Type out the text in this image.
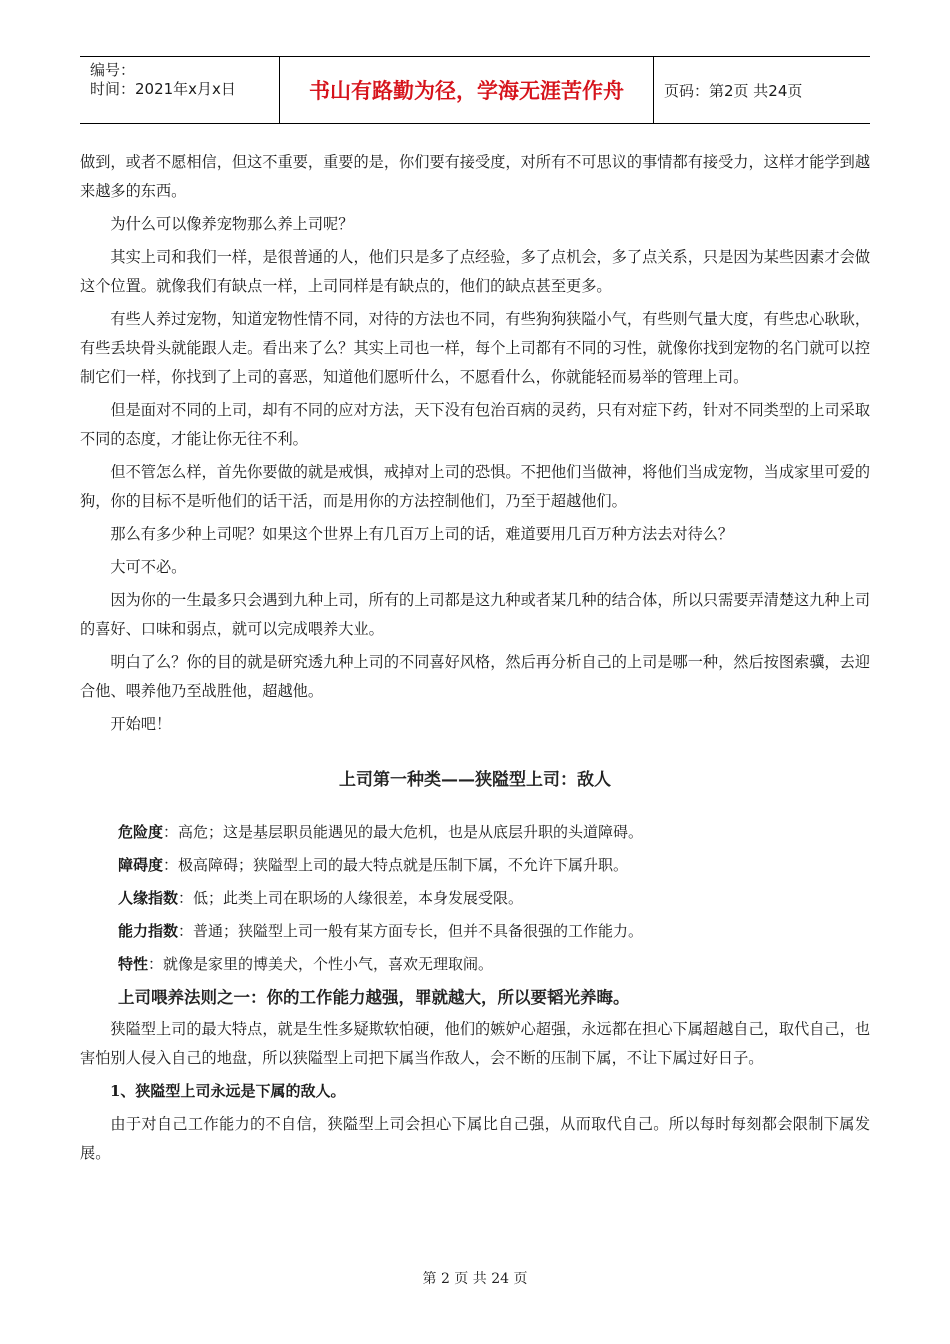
编号：
时间：2021年x月x日	书山有路勤为径，学海无涯苦作舟	页码：第2页 共24页

做到，或者不愿相信，但这不重要，重要的是，你们要有接受度，对所有不可思议的事情都有接受力，这样才能学到越来越多的东西。

为什么可以像养宠物那么养上司呢？

其实上司和我们一样，是很普通的人，他们只是多了点经验，多了点机会，多了点关系，只是因为某些因素才会做这个位置。就像我们有缺点一样，上司同样是有缺点的，他们的缺点甚至更多。

有些人养过宠物，知道宠物性情不同，对待的方法也不同，有些狗狗狭隘小气，有些则气量大度，有些忠心耿耿，有些丢块骨头就能跟人走。看出来了么？其实上司也一样，每个上司都有不同的习性，就像你找到宠物的名门就可以控制它们一样，你找到了上司的喜恶，知道他们愿听什么，不愿看什么，你就能轻而易举的管理上司。

但是面对不同的上司，却有不同的应对方法，天下没有包治百病的灵药，只有对症下药，针对不同类型的上司采取不同的态度，才能让你无往不利。

但不管怎么样，首先你要做的就是戒惧，戒掉对上司的恐惧。不把他们当做神，将他们当成宠物，当成家里可爱的狗，你的目标不是听他们的话干活，而是用你的方法控制他们，乃至于超越他们。

那么有多少种上司呢？如果这个世界上有几百万上司的话，难道要用几百万种方法去对待么？

大可不必。

因为你的一生最多只会遇到九种上司，所有的上司都是这九种或者某几种的结合体，所以只需要弄清楚这九种上司的喜好、口味和弱点，就可以完成喂养大业。

明白了么？你的目的就是研究透九种上司的不同喜好风格，然后再分析自己的上司是哪一种，然后按图索骥，去迎合他、喂养他乃至战胜他，超越他。

开始吧！

上司第一种类——狭隘型上司：敌人
危险度：高危；这是基层职员能遇见的最大危机，也是从底层升职的头道障碍。
障碍度：极高障碍；狭隘型上司的最大特点就是压制下属，不允许下属升职。
人缘指数：低；此类上司在职场的人缘很差，本身发展受限。
能力指数：普通；狭隘型上司一般有某方面专长，但并不具备很强的工作能力。
特性：就像是家里的博美犬，个性小气，喜欢无理取闹。
上司喂养法则之一：你的工作能力越强，罪就越大，所以要韬光养晦。

狭隘型上司的最大特点，就是生性多疑欺软怕硬，他们的嫉妒心超强，永远都在担心下属超越自己，取代自己，也害怕别人侵入自己的地盘，所以狭隘型上司把下属当作敌人，会不断的压制下属，不让下属过好日子。

1、狭隘型上司永远是下属的敌人。

由于对自己工作能力的不自信，狭隘型上司会担心下属比自己强，从而取代自己。所以每时每刻都会限制下属发展。

第 2 页 共 24 页
